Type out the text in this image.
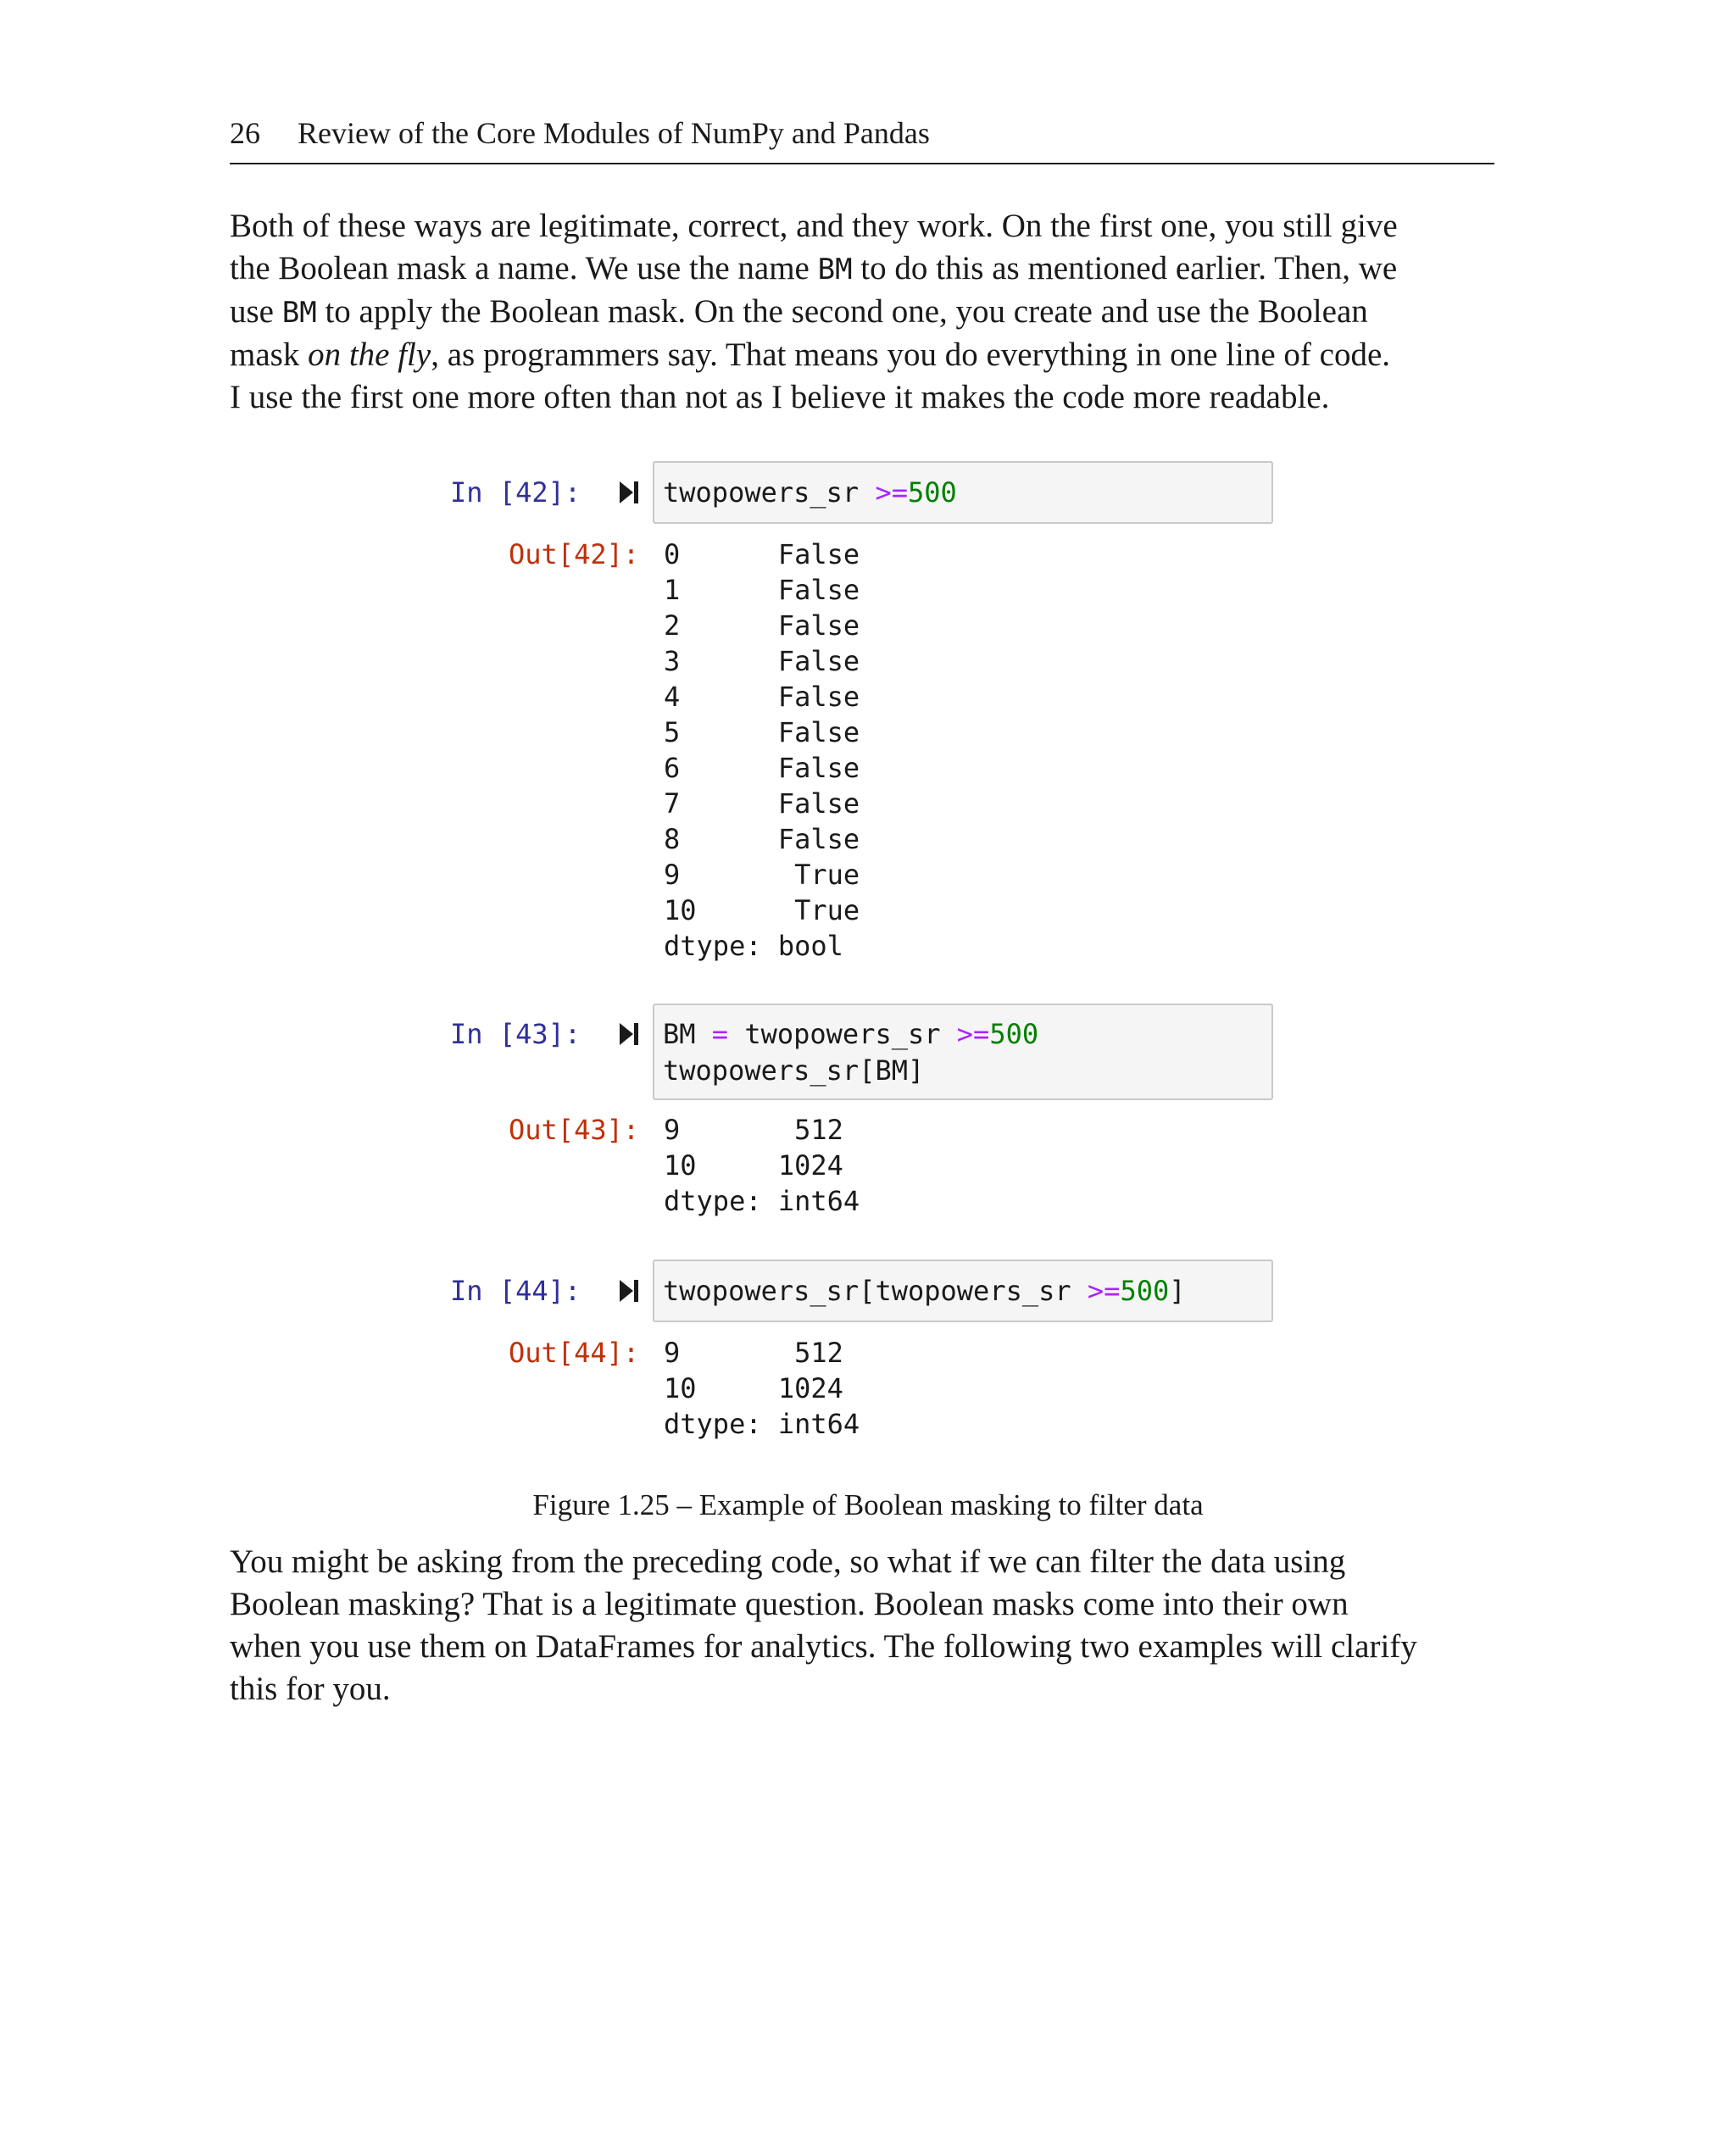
26 Review of the Core Modules of NumPy and Pandas
Both of these ways are legitimate, correct, and they work. On the first one, you still give
the Boolean mask a name. We use the name BM to do this as mentioned earlier. Then, we
use BM to apply the Boolean mask. On the second one, you create and use the Boolean
mask on the fly, as programmers say. That means you do everything in one line of code.
I use the first one more often than not as I believe it makes the code more readable.
In [42]:	twopowers_sr >=500
Out[42]: 0      False
1      False
2      False
3      False
4      False
5      False
6      False
7      False
8      False
9       True
10      True
dtype: bool
In [43]:	BM = twopowers_sr >=500
twopowers_sr[BM]
Out[43]: 9       512
10     1024
dtype: int64
In [44]:	twopowers_sr[twopowers_sr >=500]
Out[44]: 9       512
10     1024
dtype: int64
Figure 1.25 – Example of Boolean masking to filter data
You might be asking from the preceding code, so what if we can filter the data using
Boolean masking? That is a legitimate question. Boolean masks come into their own
when you use them on DataFrames for analytics. The following two examples will clarify
this for you.
